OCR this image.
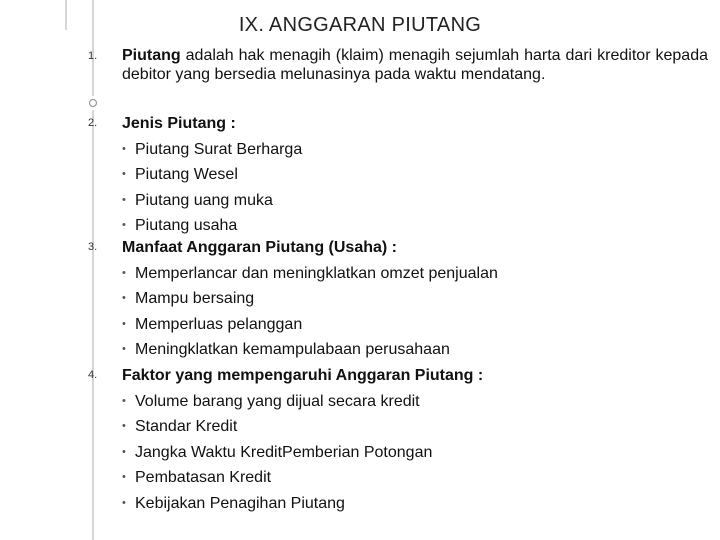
IX. ANGGARAN PIUTANG
1.	Piutang adalah hak menagih (klaim) menagih sejumlah harta dari kreditor kepada debitor yang bersedia melunasinya pada waktu mendatang.
2.	Jenis Piutang :
• Piutang Surat Berharga
• Piutang Wesel
• Piutang uang muka
• Piutang usaha
3.	Manfaat Anggaran Piutang (Usaha) :
• Memperlancar dan meningklatkan omzet penjualan
• Mampu bersaing
• Memperluas pelanggan
• Meningklatkan kemampulabaan perusahaan
4.	Faktor yang mempengaruhi Anggaran Piutang :
• Volume barang yang dijual secara kredit
• Standar Kredit
• Jangka Waktu KreditPemberian Potongan
• Pembatasan Kredit
• Kebijakan Penagihan Piutang
